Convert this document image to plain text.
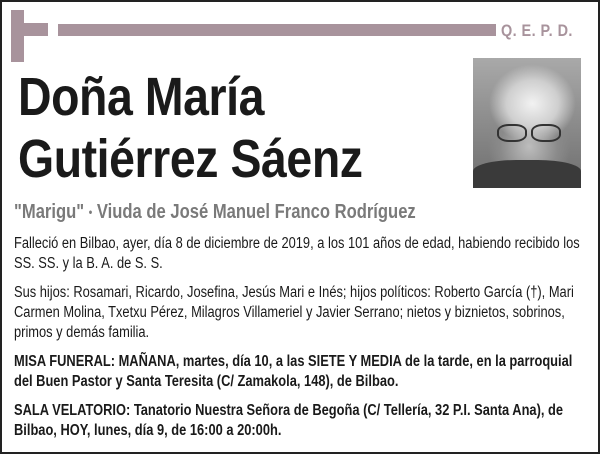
Q. E. P. D.
Doña María
Gutiérrez Sáenz
"Marigu" • Viuda de José Manuel Franco Rodríguez

Falleció en Bilbao, ayer, día 8 de diciembre de 2019, a los 101 años de edad, habiendo recibido los SS. SS. y la B. A. de S. S.

Sus hijos: Rosamari, Ricardo, Josefina, Jesús Mari e Inés; hijos políticos: Roberto García (†), Mari Carmen Molina, Txetxu Pérez, Milagros Villameriel y Javier Serrano; nietos y biznietos, sobrinos, primos y demás familia.

MISA FUNERAL: MAÑANA, martes, día 10, a las SIETE Y MEDIA de la tarde, en la parroquial del Buen Pastor y Santa Teresita (C/ Zamakola, 148), de Bilbao.

SALA VELATORIO: Tanatorio Nuestra Señora de Begoña (C/ Tellería, 32 P.I. Santa Ana), de Bilbao, HOY, lunes, día 9, de 16:00 a 20:00h.
